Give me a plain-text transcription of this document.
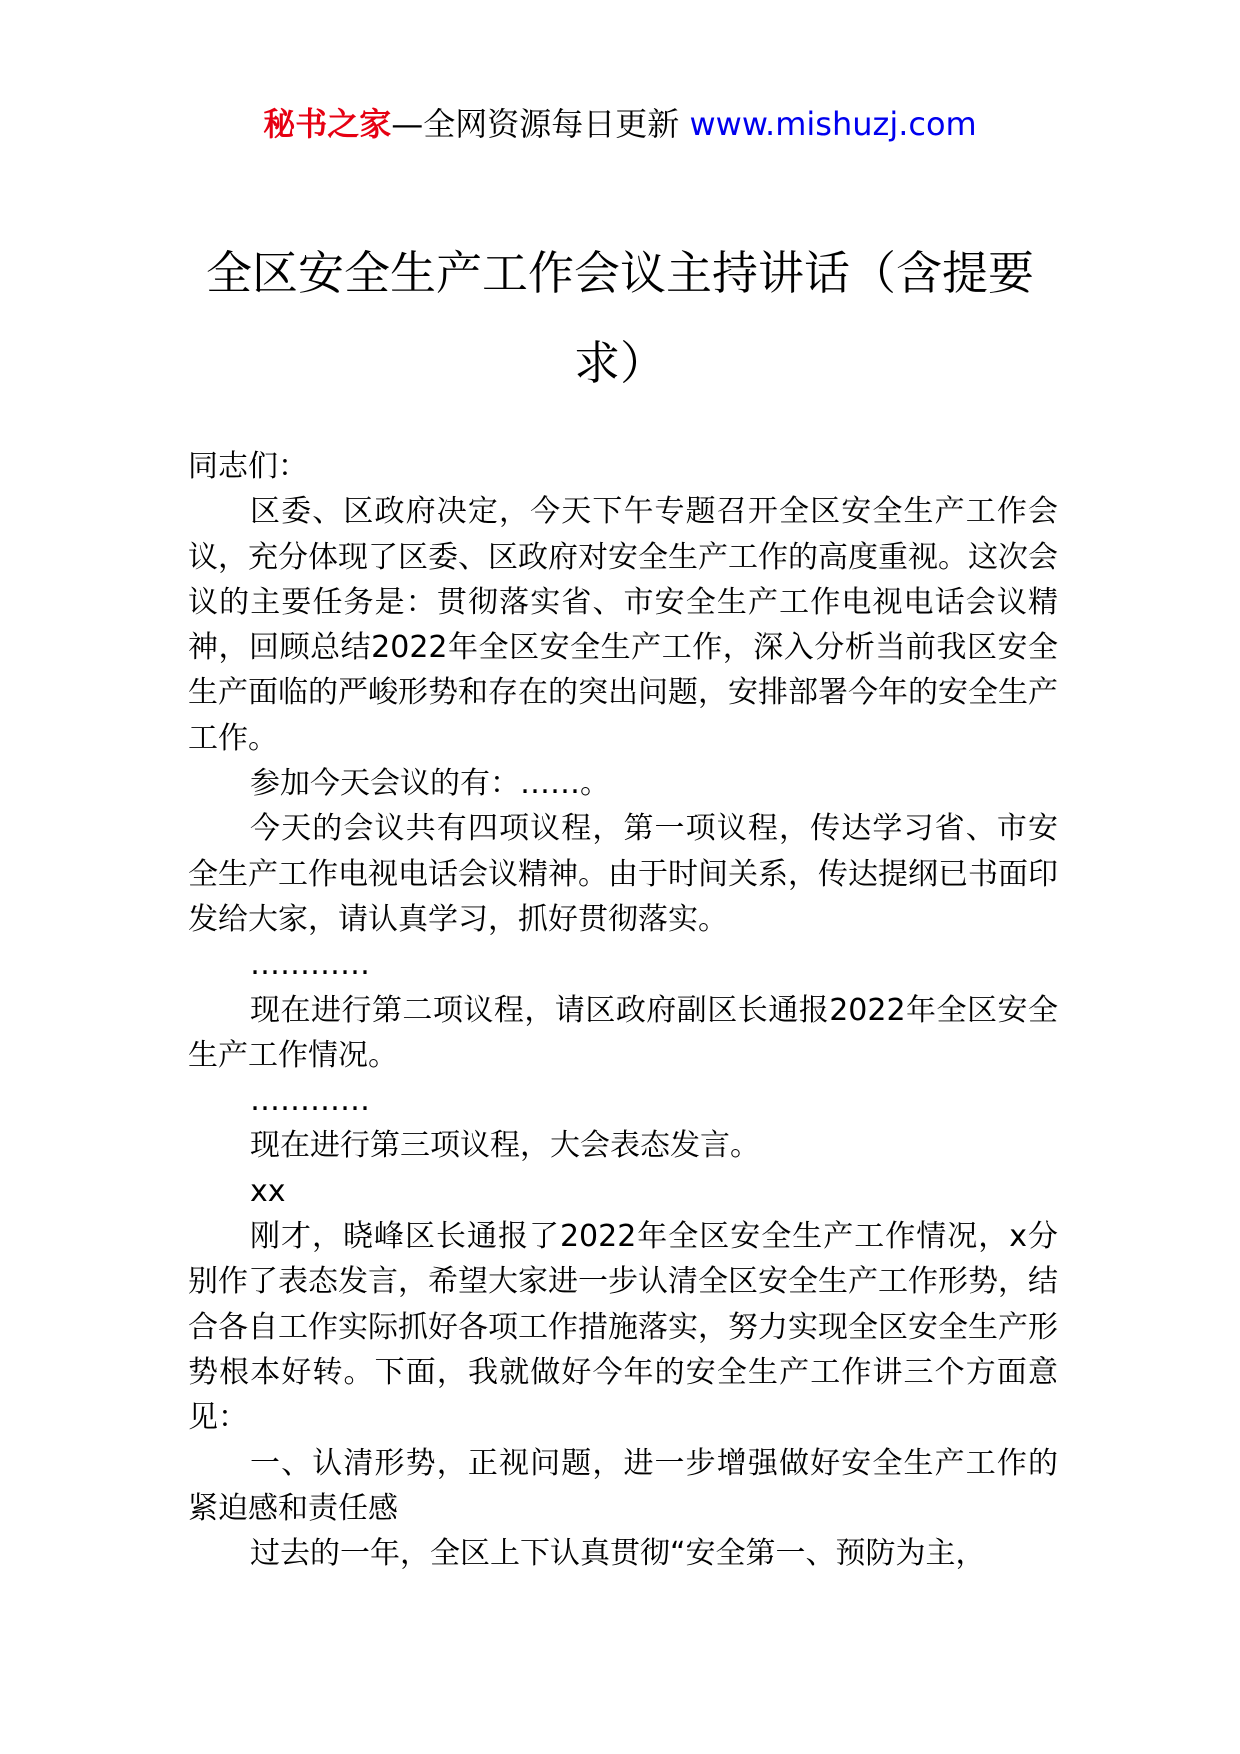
秘书之家—全网资源每日更新 www.mishuzj.com
全区安全生产工作会议主持讲话（含提要
求）

同志们：

区委、区政府决定，今天下午专题召开全区安全生产工作会议，充分体现了区委、区政府对安全生产工作的高度重视。这次会议的主要任务是：贯彻落实省、市安全生产工作电视电话会议精神，回顾总结2022年全区安全生产工作，深入分析当前我区安全生产面临的严峻形势和存在的突出问题，安排部署今年的安全生产工作。

参加今天会议的有：……。

今天的会议共有四项议程，第一项议程，传达学习省、市安全生产工作电视电话会议精神。由于时间关系，传达提纲已书面印发给大家，请认真学习，抓好贯彻落实。

…………

现在进行第二项议程，请区政府副区长通报2022年全区安全生产工作情况。

…………

现在进行第三项议程，大会表态发言。

xx

刚才，晓峰区长通报了2022年全区安全生产工作情况，x分别作了表态发言，希望大家进一步认清全区安全生产工作形势，结合各自工作实际抓好各项工作措施落实，努力实现全区安全生产形势根本好转。下面，我就做好今年的安全生产工作讲三个方面意见：

一、认清形势，正视问题，进一步增强做好安全生产工作的紧迫感和责任感

过去的一年，全区上下认真贯彻“安全第一、预防为主，
